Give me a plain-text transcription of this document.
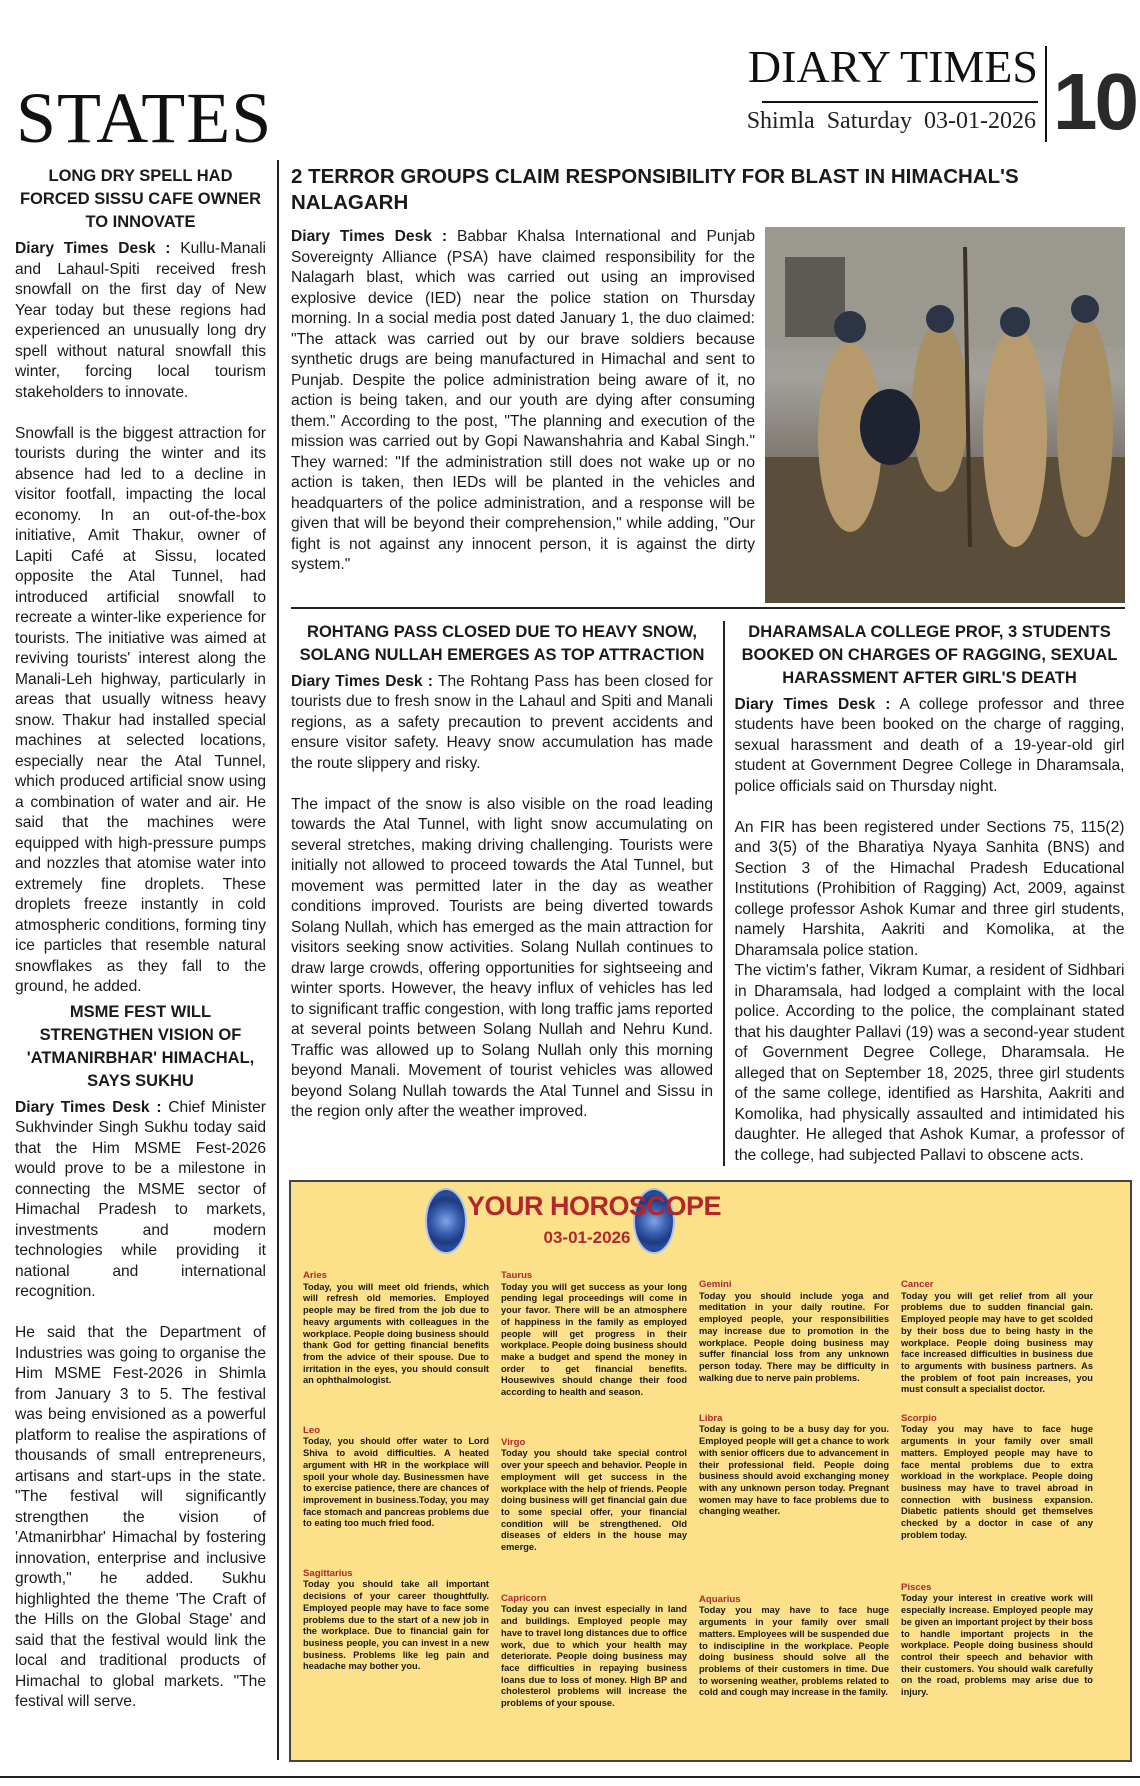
STATES
DIARY TIMES
Shimla Saturday 03-01-2026 10
LONG DRY SPELL HAD FORCED SISSU CAFE OWNER TO INNOVATE

Diary Times Desk : Kullu-Manali and Lahaul-Spiti received fresh snowfall on the first day of New Year today but these regions had experienced an unusually long dry spell without natural snowfall this winter, forcing local tourism stakeholders to innovate.

Snowfall is the biggest attraction for tourists during the winter and its absence had led to a decline in visitor footfall, impacting the local economy. In an out-of-the-box initiative, Amit Thakur, owner of Lapiti Café at Sissu, located opposite the Atal Tunnel, had introduced artificial snowfall to recreate a winter-like experience for tourists. The initiative was aimed at reviving tourists' interest along the Manali-Leh highway, particularly in areas that usually witness heavy snow. Thakur had installed special machines at selected locations, especially near the Atal Tunnel, which produced artificial snow using a combination of water and air. He said that the machines were equipped with high-pressure pumps and nozzles that atomise water into extremely fine droplets. These droplets freeze instantly in cold atmospheric conditions, forming tiny ice particles that resemble natural snowflakes as they fall to the ground, he added.

MSME FEST WILL STRENGTHEN VISION OF 'ATMANIRBHAR' HIMACHAL, SAYS SUKHU

Diary Times Desk : Chief Minister Sukhvinder Singh Sukhu today said that the Him MSME Fest-2026 would prove to be a milestone in connecting the MSME sector of Himachal Pradesh to markets, investments and modern technologies while providing it national and international recognition.

He said that the Department of Industries was going to organise the Him MSME Fest-2026 in Shimla from January 3 to 5. The festival was being envisioned as a powerful platform to realise the aspirations of thousands of small entrepreneurs, artisans and start-ups in the state. "The festival will significantly strengthen the vision of 'Atmanirbhar' Himachal by fostering innovation, enterprise and inclusive growth," he added. Sukhu highlighted the theme 'The Craft of the Hills on the Global Stage' and said that the festival would link the local and traditional products of Himachal to global markets. "The festival will serve.

2 TERROR GROUPS CLAIM RESPONSIBILITY FOR BLAST IN HIMACHAL'S NALAGARH

Diary Times Desk : Babbar Khalsa International and Punjab Sovereignty Alliance (PSA) have claimed responsibility for the Nalagarh blast, which was carried out using an improvised explosive device (IED) near the police station on Thursday morning. In a social media post dated January 1, the duo claimed: "The attack was carried out by our brave soldiers because synthetic drugs are being manufactured in Himachal and sent to Punjab. Despite the police administration being aware of it, no action is being taken, and our youth are dying after consuming them." According to the post, "The planning and execution of the mission was carried out by Gopi Nawanshahria and Kabal Singh." They warned: "If the administration still does not wake up or no action is taken, then IEDs will be planted in the vehicles and headquarters of the police administration, and a response will be given that will be beyond their comprehension," while adding, "Our fight is not against any innocent person, it is against the dirty system."

ROHTANG PASS CLOSED DUE TO HEAVY SNOW, SOLANG NULLAH EMERGES AS TOP ATTRACTION

Diary Times Desk : The Rohtang Pass has been closed for tourists due to fresh snow in the Lahaul and Spiti and Manali regions, as a safety precaution to prevent accidents and ensure visitor safety. Heavy snow accumulation has made the route slippery and risky.

The impact of the snow is also visible on the road leading towards the Atal Tunnel, with light snow accumulating on several stretches, making driving challenging. Tourists were initially not allowed to proceed towards the Atal Tunnel, but movement was permitted later in the day as weather conditions improved. Tourists are being diverted towards Solang Nullah, which has emerged as the main attraction for visitors seeking snow activities. Solang Nullah continues to draw large crowds, offering opportunities for sightseeing and winter sports. However, the heavy influx of vehicles has led to significant traffic congestion, with long traffic jams reported at several points between Solang Nullah and Nehru Kund. Traffic was allowed up to Solang Nullah only this morning beyond Manali. Movement of tourist vehicles was allowed beyond Solang Nullah towards the Atal Tunnel and Sissu in the region only after the weather improved.

DHARAMSALA COLLEGE PROF, 3 STUDENTS BOOKED ON CHARGES OF RAGGING, SEXUAL HARASSMENT AFTER GIRL'S DEATH

Diary Times Desk : A college professor and three students have been booked on the charge of ragging, sexual harassment and death of a 19-year-old girl student at Government Degree College in Dharamsala, police officials said on Thursday night.

An FIR has been registered under Sections 75, 115(2) and 3(5) of the Bharatiya Nyaya Sanhita (BNS) and Section 3 of the Himachal Pradesh Educational Institutions (Prohibition of Ragging) Act, 2009, against college professor Ashok Kumar and three girl students, namely Harshita, Aakriti and Komolika, at the Dharamsala police station.

The victim's father, Vikram Kumar, a resident of Sidhbari in Dharamsala, had lodged a complaint with the local police. According to the police, the complainant stated that his daughter Pallavi (19) was a second-year student of Government Degree College, Dharamsala. He alleged that on September 18, 2025, three girl students of the same college, identified as Harshita, Aakriti and Komolika, had physically assaulted and intimidated his daughter. He alleged that Ashok Kumar, a professor of the college, had subjected Pallavi to obscene acts.

YOUR HOROSCOPE
03-01-2026
Aries
Today, you will meet old friends, which will refresh old memories. Employed people may be fired from the job due to heavy arguments with colleagues in the workplace. People doing business should thank God for getting financial benefits from the advice of their spouse. Due to irritation in the eyes, you should consult an ophthalmologist.
Taurus
Today you will get success as your long pending legal proceedings will come in your favor. There will be an atmosphere of happiness in the family as employed people will get progress in their workplace. People doing business should make a budget and spend the money in order to get financial benefits. Housewives should change their food according to health and season.
Gemini
Today you should include yoga and meditation in your daily routine. For employed people, your responsibilities may increase due to promotion in the workplace. People doing business may suffer financial loss from any unknown person today. There may be difficulty in walking due to nerve pain problems.
Cancer
Today you will get relief from all your problems due to sudden financial gain. Employed people may have to get scolded by their boss due to being hasty in the workplace. People doing business may face increased difficulties in business due to arguments with business partners. As the problem of foot pain increases, you must consult a specialist doctor.
Leo
Today, you should offer water to Lord Shiva to avoid difficulties. A heated argument with HR in the workplace will spoil your whole day. Businessmen have to exercise patience, there are chances of improvement in business.Today, you may face stomach and pancreas problems due to eating too much fried food.
Virgo
Today you should take special control over your speech and behavior. People in employment will get success in the workplace with the help of friends. People doing business will get financial gain due to some special offer, your financial condition will be strengthened. Old diseases of elders in the house may emerge.
Libra
Today is going to be a busy day for you. Employed people will get a chance to work with senior officers due to advancement in their professional field. People doing business should avoid exchanging money with any unknown person today. Pregnant women may have to face problems due to changing weather.
Scorpio
Today you may have to face huge arguments in your family over small matters. Employed people may have to face mental problems due to extra workload in the workplace. People doing business may have to travel abroad in connection with business expansion. Diabetic patients should get themselves checked by a doctor in case of any problem today.
Sagittarius
Today you should take all important decisions of your career thoughtfully. Employed people may have to face some problems due to the start of a new job in the workplace. Due to financial gain for business people, you can invest in a new business. Problems like leg pain and headache may bother you.
Capricorn
Today you can invest especially in land and buildings. Employed people may have to travel long distances due to office work, due to which your health may deteriorate. People doing business may face difficulties in repaying business loans due to loss of money. High BP and cholesterol problems will increase the problems of your spouse.
Aquarius
Today you may have to face huge arguments in your family over small matters. Employees will be suspended due to indiscipline in the workplace. People doing business should solve all the problems of their customers in time. Due to worsening weather, problems related to cold and cough may increase in the family.
Pisces
Today your interest in creative work will especially increase. Employed people may be given an important project by their boss to handle important projects in the workplace. People doing business should control their speech and behavior with their customers. You should walk carefully on the road, problems may arise due to injury.
